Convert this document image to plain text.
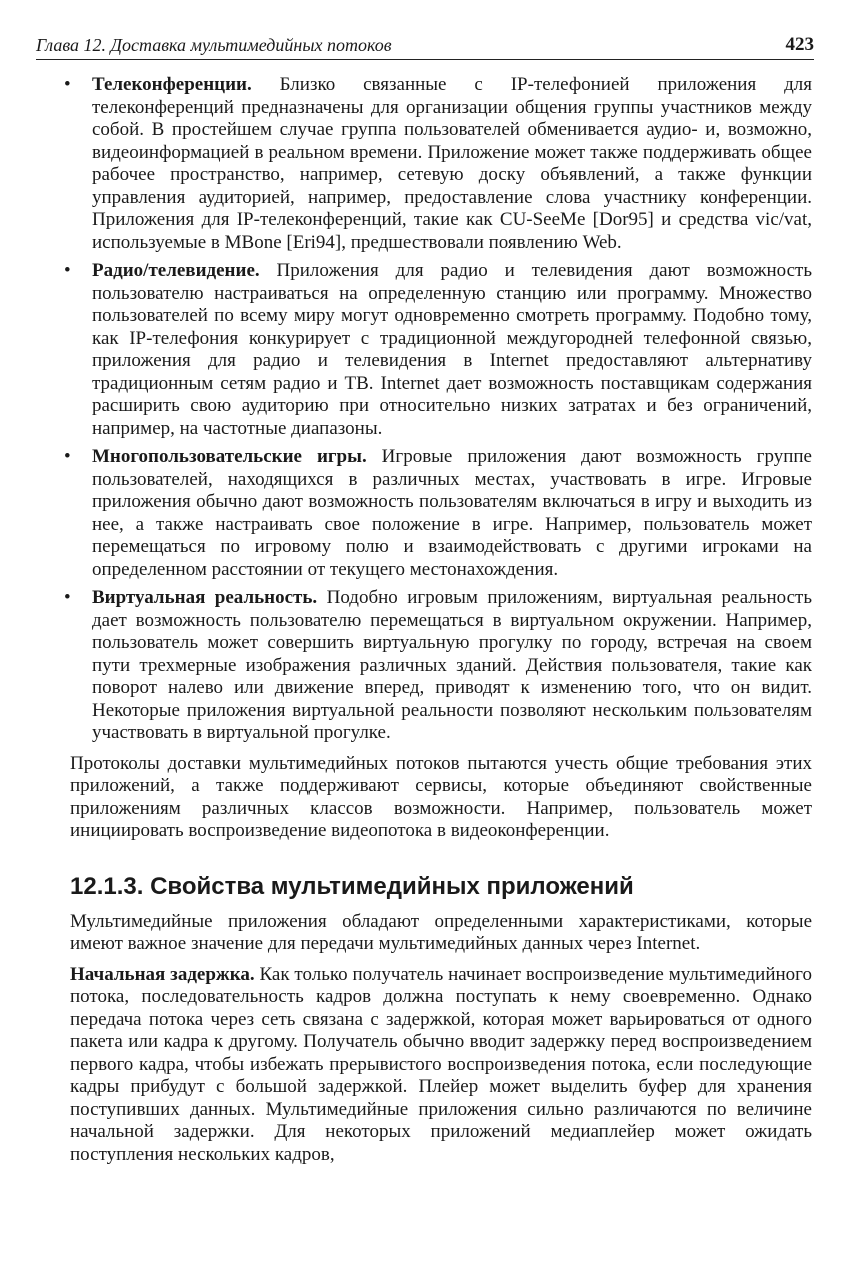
Глава 12. Доставка мультимедийных потоков	423
• Телеконференции. Близко связанные с IP-телефонией приложения для телеконференций предназначены для организации общения группы участников между собой. В простейшем случае группа пользователей обменивается аудио- и, возможно, видеоинформацией в реальном времени. Приложение может также поддерживать общее рабочее пространство, например, сетевую доску объявлений, а также функции управления аудиторией, например, предоставление слова участнику конференции. Приложения для IP-телеконференций, такие как CU-SeeMe [Dor95] и средства vic/vat, используемые в MBone [Eri94], предшествовали появлению Web.
• Радио/телевидение. Приложения для радио и телевидения дают возможность пользователю настраиваться на определенную станцию или программу. Множество пользователей по всему миру могут одновременно смотреть программу. Подобно тому, как IP-телефония конкурирует с традиционной междугородней телефонной связью, приложения для радио и телевидения в Internet предоставляют альтернативу традиционным сетям радио и ТВ. Internet дает возможность поставщикам содержания расширить свою аудиторию при относительно низких затратах и без ограничений, например, на частотные диапазоны.
• Многопользовательские игры. Игровые приложения дают возможность группе пользователей, находящихся в различных местах, участвовать в игре. Игровые приложения обычно дают возможность пользователям включаться в игру и выходить из нее, а также настраивать свое положение в игре. Например, пользователь может перемещаться по игровому полю и взаимодействовать с другими игроками на определенном расстоянии от текущего местонахождения.
• Виртуальная реальность. Подобно игровым приложениям, виртуальная реальность дает возможность пользователю перемещаться в виртуальном окружении. Например, пользователь может совершить виртуальную прогулку по городу, встречая на своем пути трехмерные изображения различных зданий. Действия пользователя, такие как поворот налево или движение вперед, приводят к изменению того, что он видит. Некоторые приложения виртуальной реальности позволяют нескольким пользователям участвовать в виртуальной прогулке.

Протоколы доставки мультимедийных потоков пытаются учесть общие требования этих приложений, а также поддерживают сервисы, которые объединяют свойственные приложениям различных классов возможности. Например, пользователь может инициировать воспроизведение видеопотока в видеоконференции.

12.1.3. Свойства мультимедийных приложений

Мультимедийные приложения обладают определенными характеристиками, которые имеют важное значение для передачи мультимедийных данных через Internet.

Начальная задержка. Как только получатель начинает воспроизведение мультимедийного потока, последовательность кадров должна поступать к нему своевременно. Однако передача потока через сеть связана с задержкой, которая может варьироваться от одного пакета или кадра к другому. Получатель обычно вводит задержку перед воспроизведением первого кадра, чтобы избежать прерывистого воспроизведения потока, если последующие кадры прибудут с большой задержкой. Плейер может выделить буфер для хранения поступивших данных. Мультимедийные приложения сильно различаются по величине начальной задержки. Для некоторых приложений медиаплейер может ожидать поступления нескольких кадров,
